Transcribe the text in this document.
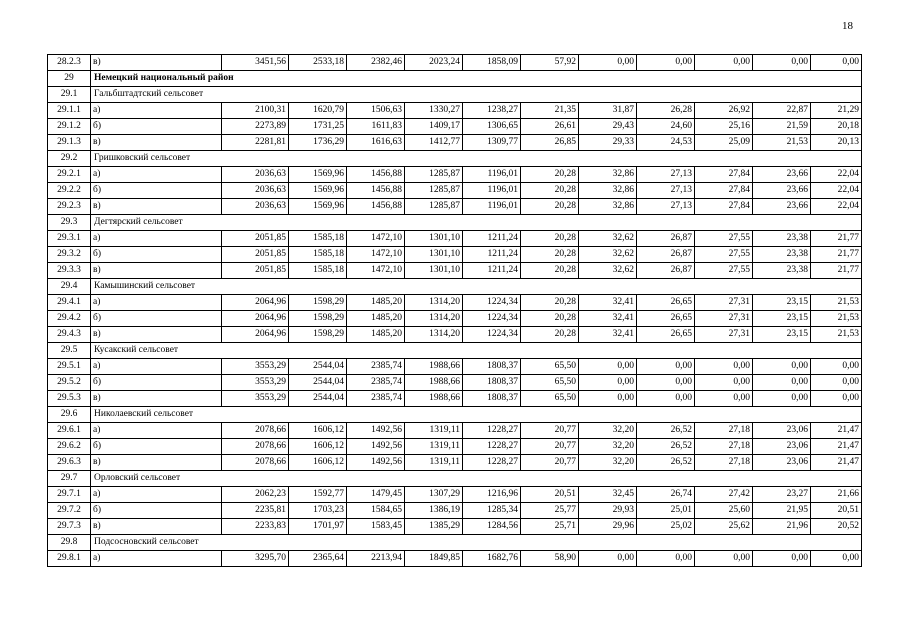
18
28.2.3	в)	3451,56	2533,18	2382,46	2023,24	1858,09	57,92	0,00	0,00	0,00	0,00	0,00
29	Немецкий национальный район											
29.1	Гальбштадтский сельсовет											
29.1.1	а)	2100,31	1620,79	1506,63	1330,27	1238,27	21,35	31,87	26,28	26,92	22,87	21,29
29.1.2	б)	2273,89	1731,25	1611,83	1409,17	1306,65	26,61	29,43	24,60	25,16	21,59	20,18
29.1.3	в)	2281,81	1736,29	1616,63	1412,77	1309,77	26,85	29,33	24,53	25,09	21,53	20,13
29.2	Гришковский сельсовет											
29.2.1	а)	2036,63	1569,96	1456,88	1285,87	1196,01	20,28	32,86	27,13	27,84	23,66	22,04
29.2.2	б)	2036,63	1569,96	1456,88	1285,87	1196,01	20,28	32,86	27,13	27,84	23,66	22,04
29.2.3	в)	2036,63	1569,96	1456,88	1285,87	1196,01	20,28	32,86	27,13	27,84	23,66	22,04
29.3	Дегтярский сельсовет											
29.3.1	а)	2051,85	1585,18	1472,10	1301,10	1211,24	20,28	32,62	26,87	27,55	23,38	21,77
29.3.2	б)	2051,85	1585,18	1472,10	1301,10	1211,24	20,28	32,62	26,87	27,55	23,38	21,77
29.3.3	в)	2051,85	1585,18	1472,10	1301,10	1211,24	20,28	32,62	26,87	27,55	23,38	21,77
29.4	Камышинский сельсовет											
29.4.1	а)	2064,96	1598,29	1485,20	1314,20	1224,34	20,28	32,41	26,65	27,31	23,15	21,53
29.4.2	б)	2064,96	1598,29	1485,20	1314,20	1224,34	20,28	32,41	26,65	27,31	23,15	21,53
29.4.3	в)	2064,96	1598,29	1485,20	1314,20	1224,34	20,28	32,41	26,65	27,31	23,15	21,53
29.5	Кусакский сельсовет											
29.5.1	а)	3553,29	2544,04	2385,74	1988,66	1808,37	65,50	0,00	0,00	0,00	0,00	0,00
29.5.2	б)	3553,29	2544,04	2385,74	1988,66	1808,37	65,50	0,00	0,00	0,00	0,00	0,00
29.5.3	в)	3553,29	2544,04	2385,74	1988,66	1808,37	65,50	0,00	0,00	0,00	0,00	0,00
29.6	Николаевский сельсовет											
29.6.1	а)	2078,66	1606,12	1492,56	1319,11	1228,27	20,77	32,20	26,52	27,18	23,06	21,47
29.6.2	б)	2078,66	1606,12	1492,56	1319,11	1228,27	20,77	32,20	26,52	27,18	23,06	21,47
29.6.3	в)	2078,66	1606,12	1492,56	1319,11	1228,27	20,77	32,20	26,52	27,18	23,06	21,47
29.7	Орловский сельсовет											
29.7.1	а)	2062,23	1592,77	1479,45	1307,29	1216,96	20,51	32,45	26,74	27,42	23,27	21,66
29.7.2	б)	2235,81	1703,23	1584,65	1386,19	1285,34	25,77	29,93	25,01	25,60	21,95	20,51
29.7.3	в)	2233,83	1701,97	1583,45	1385,29	1284,56	25,71	29,96	25,02	25,62	21,96	20,52
29.8	Подсосновский сельсовет											
29.8.1	а)	3295,70	2365,64	2213,94	1849,85	1682,76	58,90	0,00	0,00	0,00	0,00	0,00
